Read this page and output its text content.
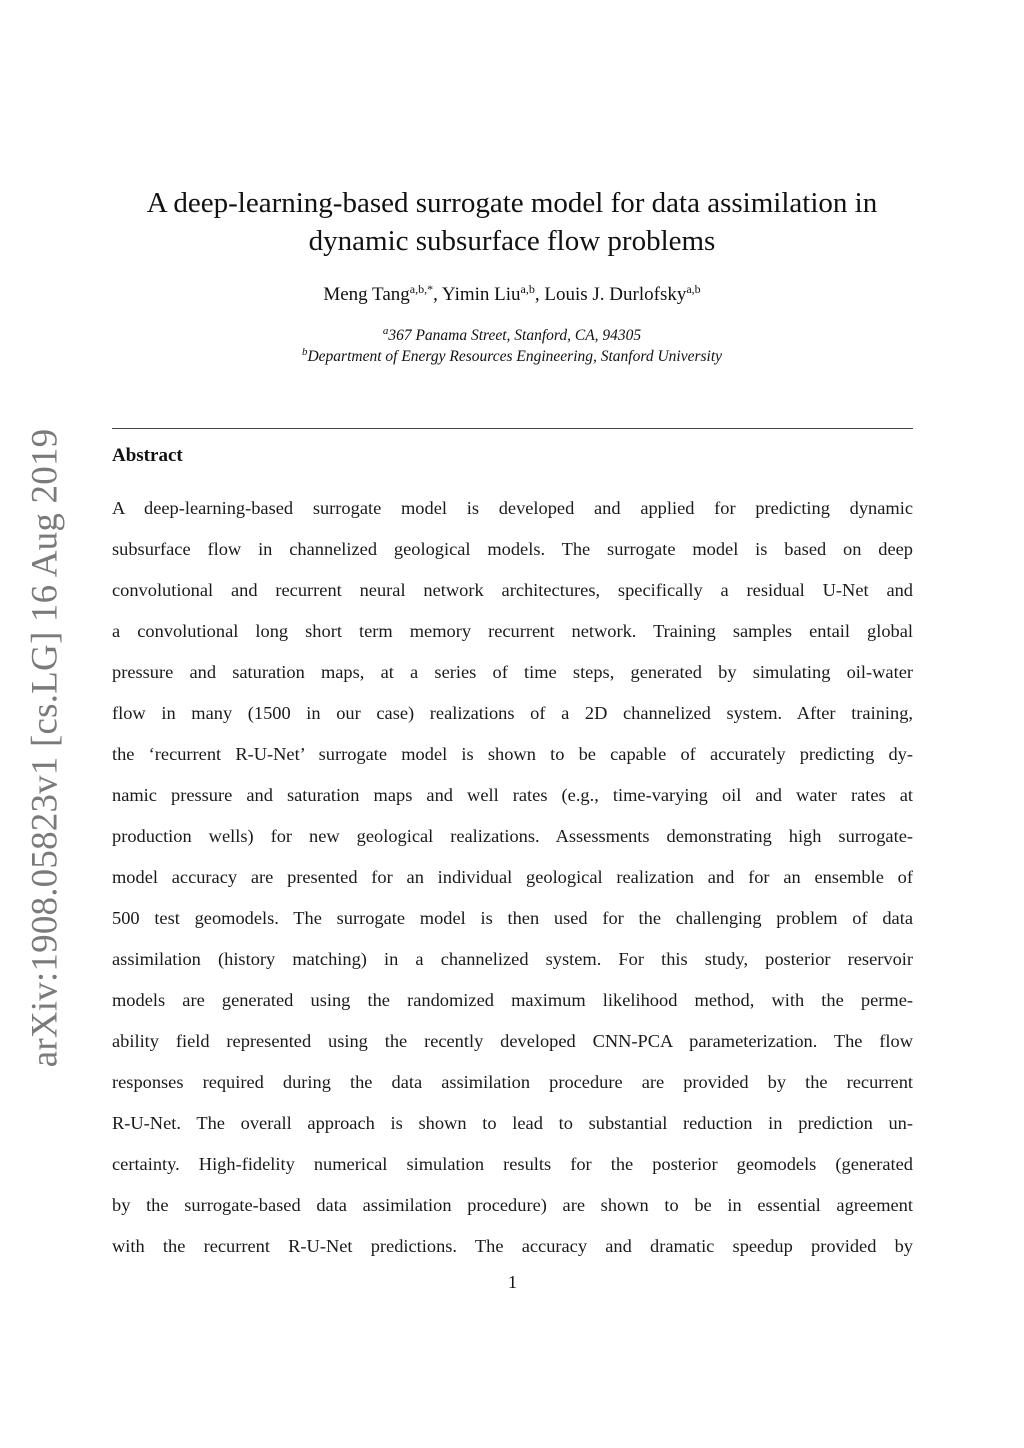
arXiv:1908.05823v1 [cs.LG] 16 Aug 2019
A deep-learning-based surrogate model for data assimilation in
dynamic subsurface flow problems
Meng Tang$^{a,b,*}$, Yimin Liu$^{a,b}$, Louis J. Durlofsky$^{a,b}$
$^a$367 Panama Street, Stanford, CA, 94305
$^b$Department of Energy Resources Engineering, Stanford University
Abstract
A deep-learning-based surrogate model is developed and applied for predicting dynamic
subsurface flow in channelized geological models. The surrogate model is based on deep
convolutional and recurrent neural network architectures, specifically a residual U-Net and
a convolutional long short term memory recurrent network. Training samples entail global
pressure and saturation maps, at a series of time steps, generated by simulating oil-water
flow in many (1500 in our case) realizations of a 2D channelized system. After training,
the ‘recurrent R-U-Net’ surrogate model is shown to be capable of accurately predicting dy-
namic pressure and saturation maps and well rates (e.g., time-varying oil and water rates at
production wells) for new geological realizations. Assessments demonstrating high surrogate-
model accuracy are presented for an individual geological realization and for an ensemble of
500 test geomodels. The surrogate model is then used for the challenging problem of data
assimilation (history matching) in a channelized system. For this study, posterior reservoir
models are generated using the randomized maximum likelihood method, with the perme-
ability field represented using the recently developed CNN-PCA parameterization. The flow
responses required during the data assimilation procedure are provided by the recurrent
R-U-Net. The overall approach is shown to lead to substantial reduction in prediction un-
certainty. High-fidelity numerical simulation results for the posterior geomodels (generated
by the surrogate-based data assimilation procedure) are shown to be in essential agreement
with the recurrent R-U-Net predictions. The accuracy and dramatic speedup provided by
1
